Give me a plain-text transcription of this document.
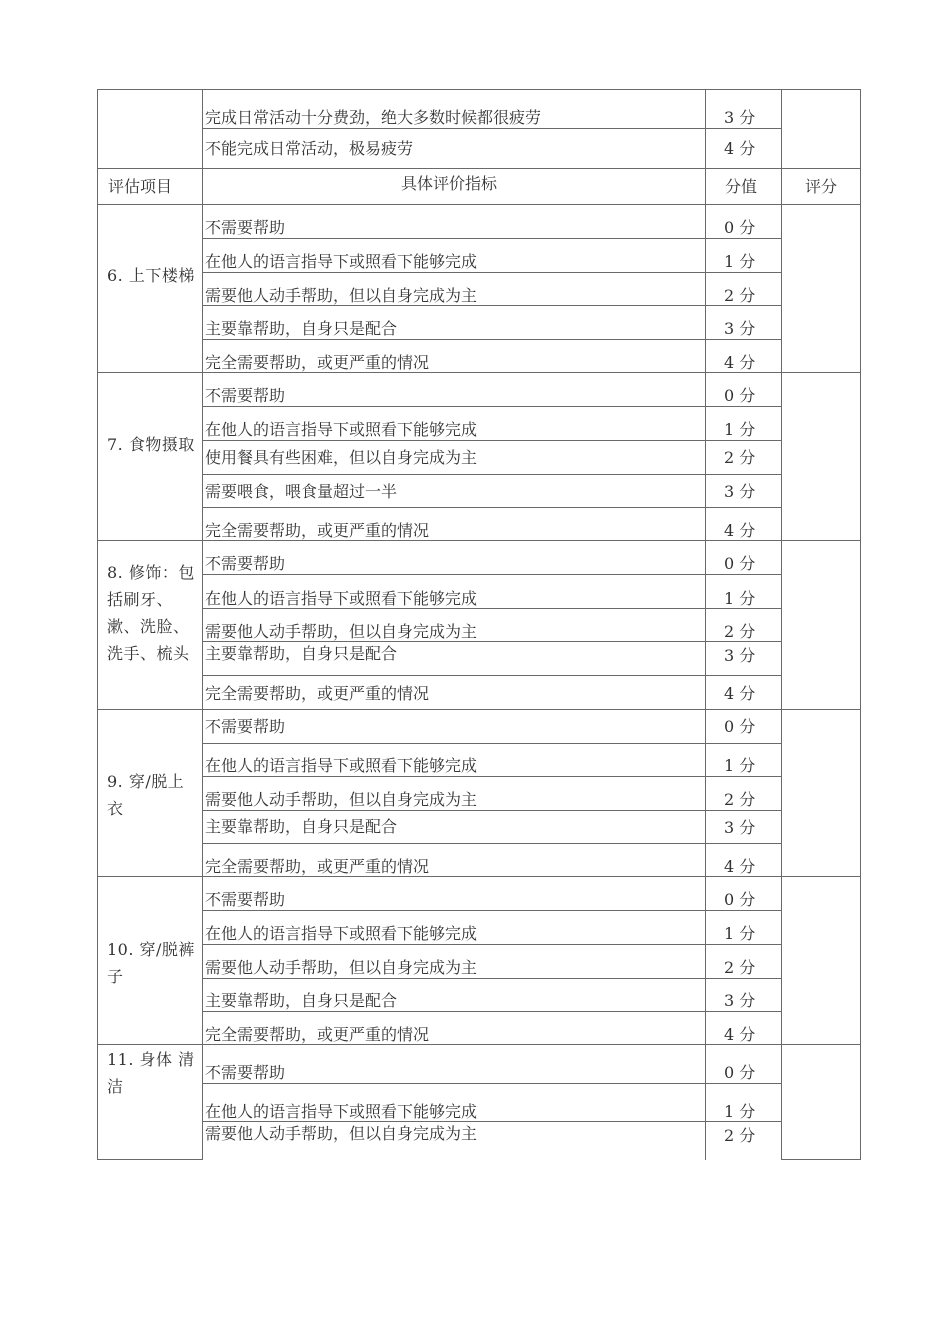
完成日常活动十分费劲，绝大多数时候都很疲劳	3 分
不能完成日常活动，极易疲劳	4 分
评估项目	具体评价指标	分值	评分
6. 上下楼梯
不需要帮助	0 分
在他人的语言指导下或照看下能够完成	1 分
需要他人动手帮助，但以自身完成为主	2 分
主要靠帮助，自身只是配合	3 分
完全需要帮助，或更严重的情况	4 分
7. 食物摄取
不需要帮助	0 分
在他人的语言指导下或照看下能够完成	1 分
使用餐具有些困难，但以自身完成为主	2 分
需要喂食，喂食量超过一半	3 分
完全需要帮助，或更严重的情况	4 分
8. 修饰：包括刷牙、漱、洗脸、洗手、梳头
不需要帮助	0 分
在他人的语言指导下或照看下能够完成	1 分
需要他人动手帮助，但以自身完成为主	2 分
主要靠帮助，自身只是配合	3 分
完全需要帮助，或更严重的情况	4 分
9. 穿/脱上衣
不需要帮助	0 分
在他人的语言指导下或照看下能够完成	1 分
需要他人动手帮助，但以自身完成为主	2 分
主要靠帮助，自身只是配合	3 分
完全需要帮助，或更严重的情况	4 分
10. 穿/脱裤子
不需要帮助	0 分
在他人的语言指导下或照看下能够完成	1 分
需要他人动手帮助，但以自身完成为主	2 分
主要靠帮助，自身只是配合	3 分
完全需要帮助，或更严重的情况	4 分
11. 身体 清洁
不需要帮助	0 分
在他人的语言指导下或照看下能够完成	1 分
需要他人动手帮助，但以自身完成为主	2 分
